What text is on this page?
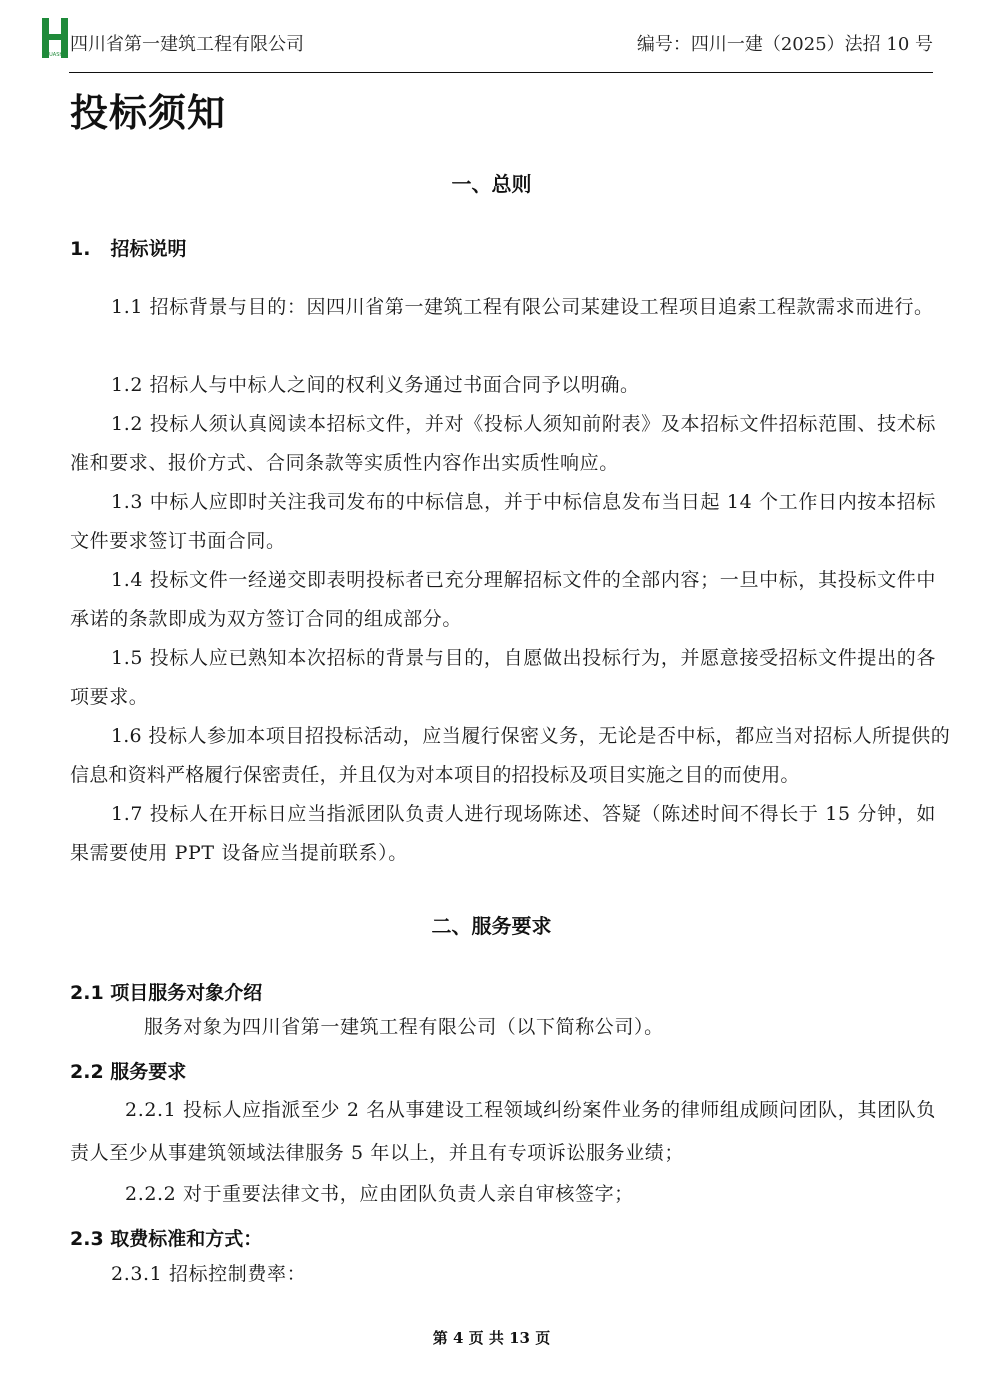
HUASHI 四川省第一建筑工程有限公司	编号：四川一建（2025）法招 10 号
投标须知
一、总则
1. 招标说明
1.1 招标背景与目的：因四川省第一建筑工程有限公司某建设工程项目追索工程款需求而进行。
1.2 招标人与中标人之间的权利义务通过书面合同予以明确。
1.2 投标人须认真阅读本招标文件，并对《投标人须知前附表》及本招标文件招标范围、技术标准和要求、报价方式、合同条款等实质性内容作出实质性响应。
1.3 中标人应即时关注我司发布的中标信息，并于中标信息发布当日起 14 个工作日内按本招标文件要求签订书面合同。
1.4 投标文件一经递交即表明投标者已充分理解招标文件的全部内容；一旦中标，其投标文件中承诺的条款即成为双方签订合同的组成部分。
1.5 投标人应已熟知本次招标的背景与目的，自愿做出投标行为，并愿意接受招标文件提出的各项要求。
1.6 投标人参加本项目招投标活动，应当履行保密义务，无论是否中标，都应当对招标人所提供的信息和资料严格履行保密责任，并且仅为对本项目的招投标及项目实施之目的而使用。
1.7 投标人在开标日应当指派团队负责人进行现场陈述、答疑（陈述时间不得长于 15 分钟，如果需要使用 PPT 设备应当提前联系）。
二、服务要求
2.1 项目服务对象介绍
服务对象为四川省第一建筑工程有限公司（以下简称公司）。
2.2 服务要求
2.2.1 投标人应指派至少 2 名从事建设工程领域纠纷案件业务的律师组成顾问团队，其团队负责人至少从事建筑领域法律服务 5 年以上，并且有专项诉讼服务业绩；
2.2.2 对于重要法律文书，应由团队负责人亲自审核签字；
2.3 取费标准和方式：
2.3.1 招标控制费率：
第 4 页 共 13 页
